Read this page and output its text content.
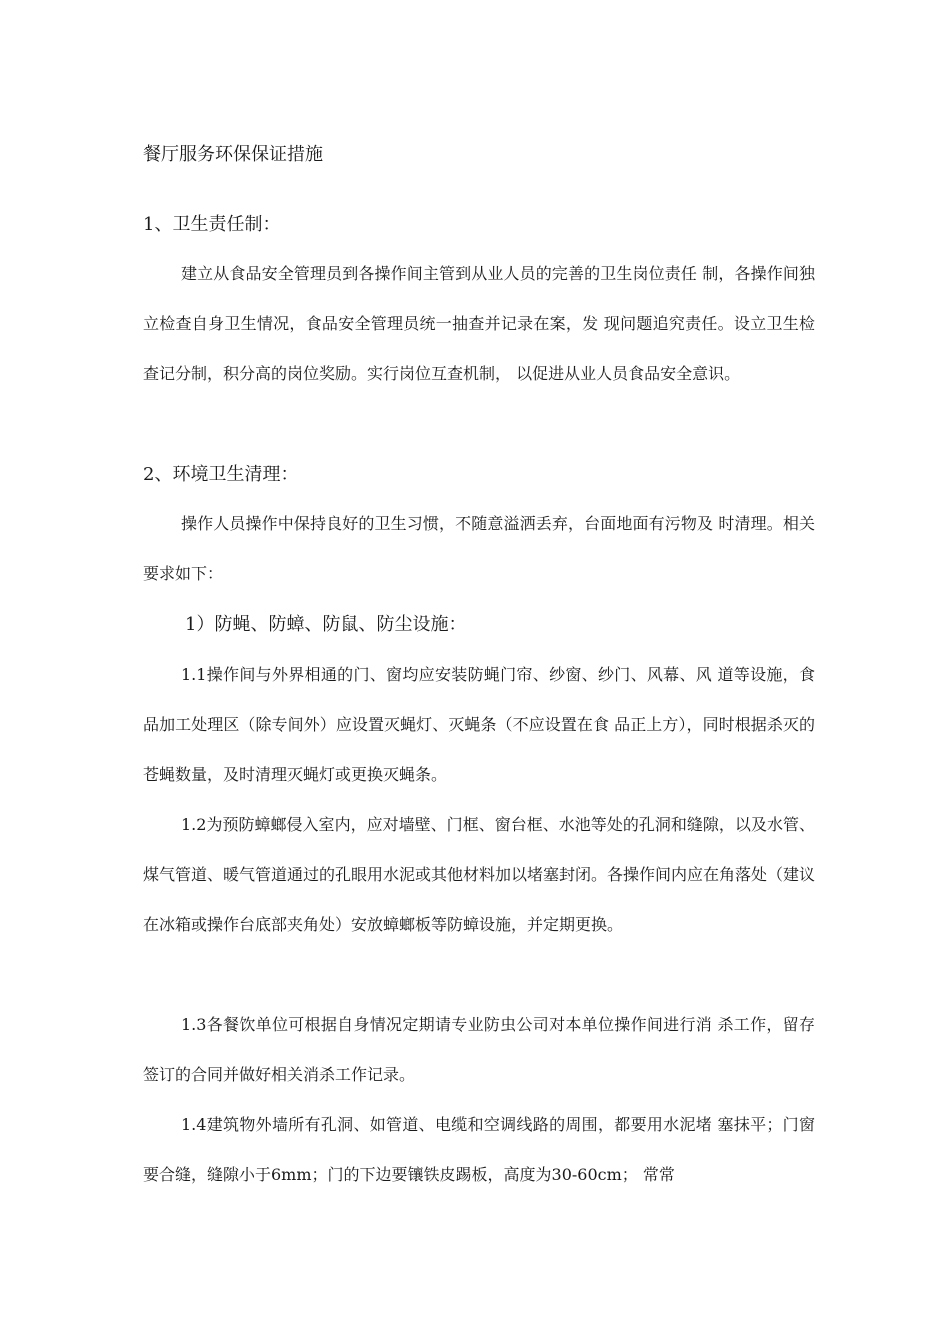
餐厅服务环保保证措施
1、卫生责任制：

建立从食品安全管理员到各操作间主管到从业人员的完善的卫生岗位责任 制，各操作间独立检查自身卫生情况，食品安全管理员统一抽查并记录在案，发 现问题追究责任。设立卫生检查记分制，积分高的岗位奖励。实行岗位互查机制， 以促进从业人员食品安全意识。

2、环境卫生清理：

操作人员操作中保持良好的卫生习惯，不随意溢洒丢弃，台面地面有污物及 时清理。相关要求如下：

1）防蝇、防蟑、防鼠、防尘设施：

1.1操作间与外界相通的门、窗均应安装防蝇门帘、纱窗、纱门、风幕、风 道等设施，食品加工处理区（除专间外）应设置灭蝇灯、灭蝇条（不应设置在食 品正上方），同时根据杀灭的苍蝇数量，及时清理灭蝇灯或更换灭蝇条。

1.2为预防蟑螂侵入室内，应对墙壁、门框、窗台框、水池等处的孔洞和缝隙，以及水管、煤气管道、暖气管道通过的孔眼用水泥或其他材料加以堵塞封闭。各操作间内应在角落处（建议在冰箱或操作台底部夹角处）安放蟑螂板等防蟑设施，并定期更换。

1.3各餐饮单位可根据自身情况定期请专业防虫公司对本单位操作间进行消 杀工作，留存签订的合同并做好相关消杀工作记录。

1.4建筑物外墙所有孔洞、如管道、电缆和空调线路的周围，都要用水泥堵 塞抹平；门窗要合缝，缝隙小于6mm；门的下边要镶铁皮踢板，高度为30-60cm； 常常
